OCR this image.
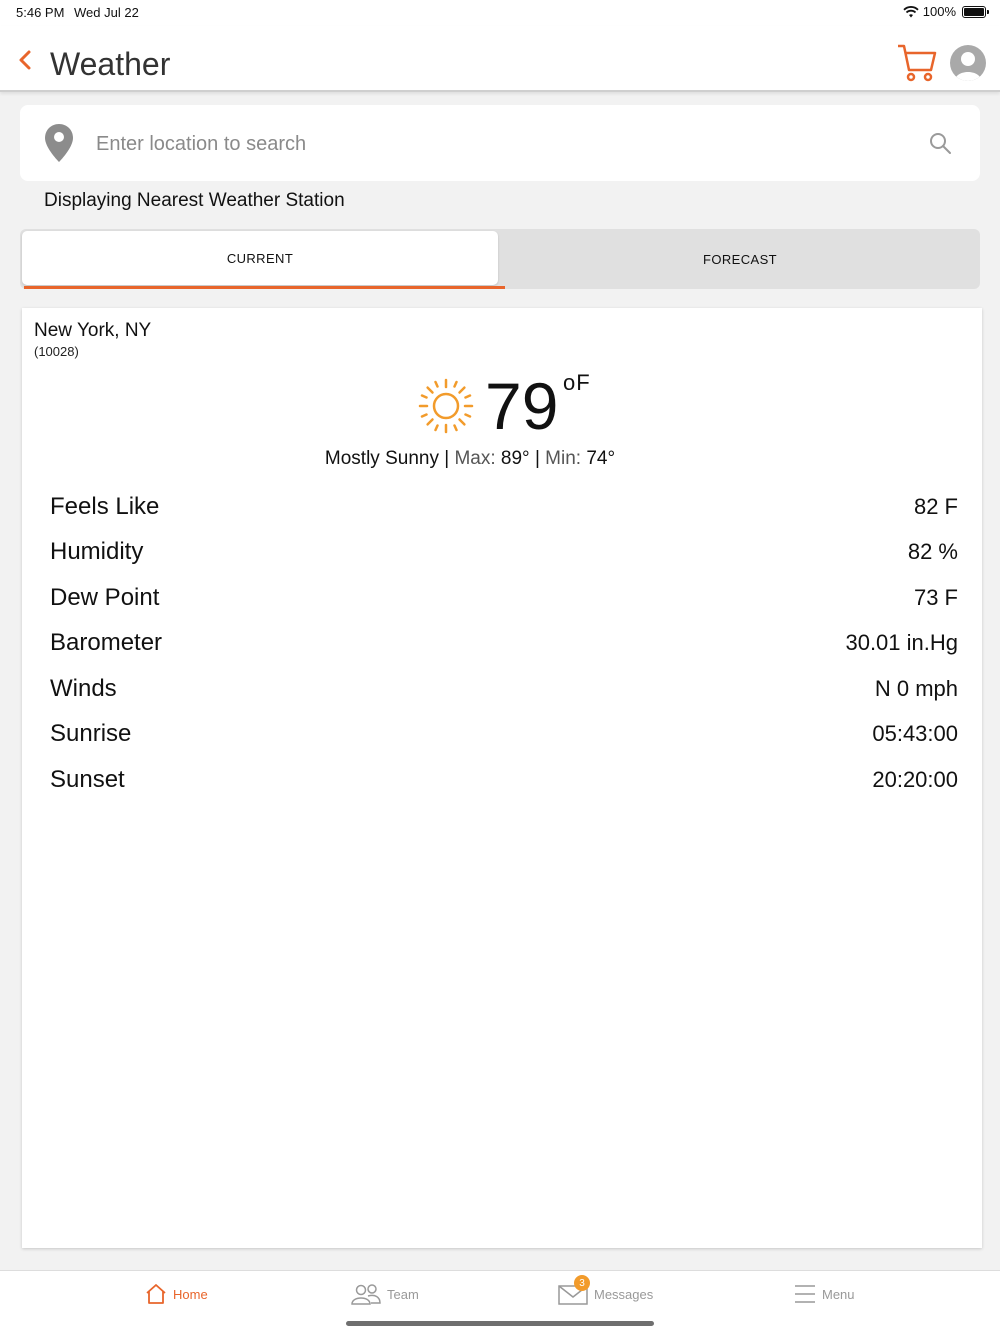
5:46 PM Wed Jul 22	100%
Weather
Enter location to search
Displaying Nearest Weather Station
CURRENT	FORECAST
New York, NY
(10028)
79 oF
Mostly Sunny | Max: 89° | Min: 74°
Feels Like	82 F
Humidity	82 %
Dew Point	73 F
Barometer	30.01 in.Hg
Winds	N 0 mph
Sunrise	05:43:00
Sunset	20:20:00
Home	Team
3
Messages	Menu
